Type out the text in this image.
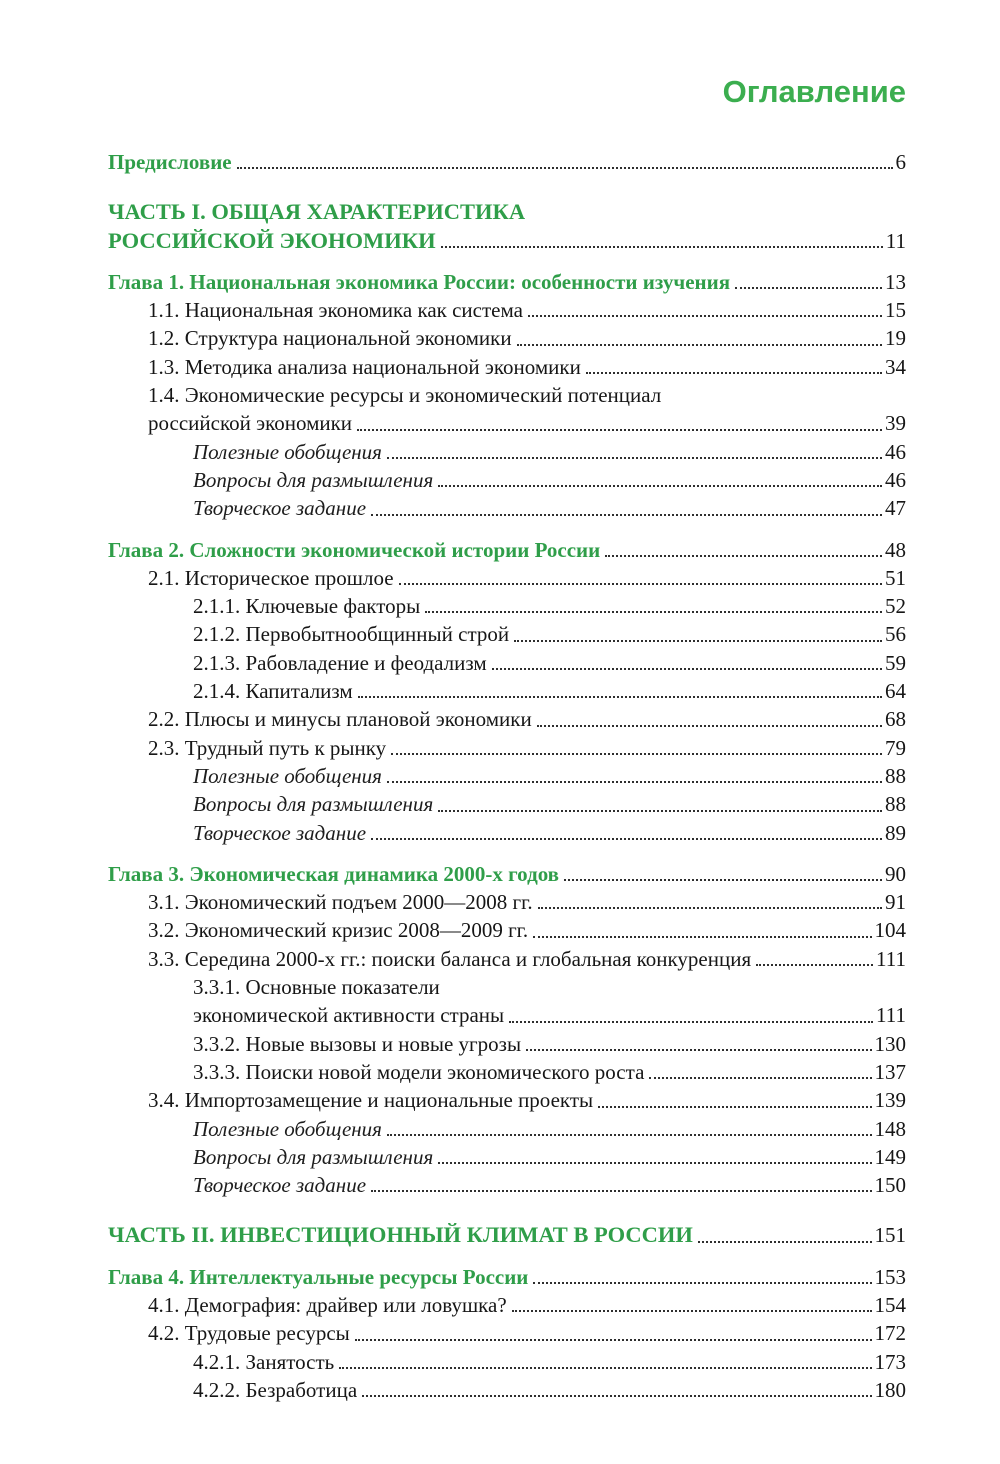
Оглавление
Предисловие	6
ЧАСТЬ I. ОБЩАЯ ХАРАКТЕРИСТИКА
РОССИЙСКОЙ ЭКОНОМИКИ	11
Глава 1. Национальная экономика России: особенности изучения	13
1.1. Национальная экономика как система	15
1.2. Структура национальной экономики	19
1.3. Методика анализа национальной экономики	34
1.4. Экономические ресурсы и экономический потенциал
российской экономики	39
Полезные обобщения	46
Вопросы для размышления	46
Творческое задание	47
Глава 2. Сложности экономической истории России	48
2.1. Историческое прошлое	51
2.1.1. Ключевые факторы	52
2.1.2. Первобытнообщинный строй	56
2.1.3. Рабовладение и феодализм	59
2.1.4. Капитализм	64
2.2. Плюсы и минусы плановой экономики	68
2.3. Трудный путь к рынку	79
Полезные обобщения	88
Вопросы для размышления	88
Творческое задание	89
Глава 3. Экономическая динамика 2000-х годов	90
3.1. Экономический подъем 2000—2008 гг.	91
3.2. Экономический кризис 2008—2009 гг.	104
3.3. Середина 2000-х гг.: поиски баланса и глобальная конкуренция	111
3.3.1. Основные показатели
экономической активности страны	111
3.3.2. Новые вызовы и новые угрозы	130
3.3.3. Поиски новой модели экономического роста	137
3.4. Импортозамещение и национальные проекты	139
Полезные обобщения	148
Вопросы для размышления	149
Творческое задание	150
ЧАСТЬ II. ИНВЕСТИЦИОННЫЙ КЛИМАТ В РОССИИ	151
Глава 4. Интеллектуальные ресурсы России	153
4.1. Демография: драйвер или ловушка?	154
4.2. Трудовые ресурсы	172
4.2.1. Занятость	173
4.2.2. Безработица	180
